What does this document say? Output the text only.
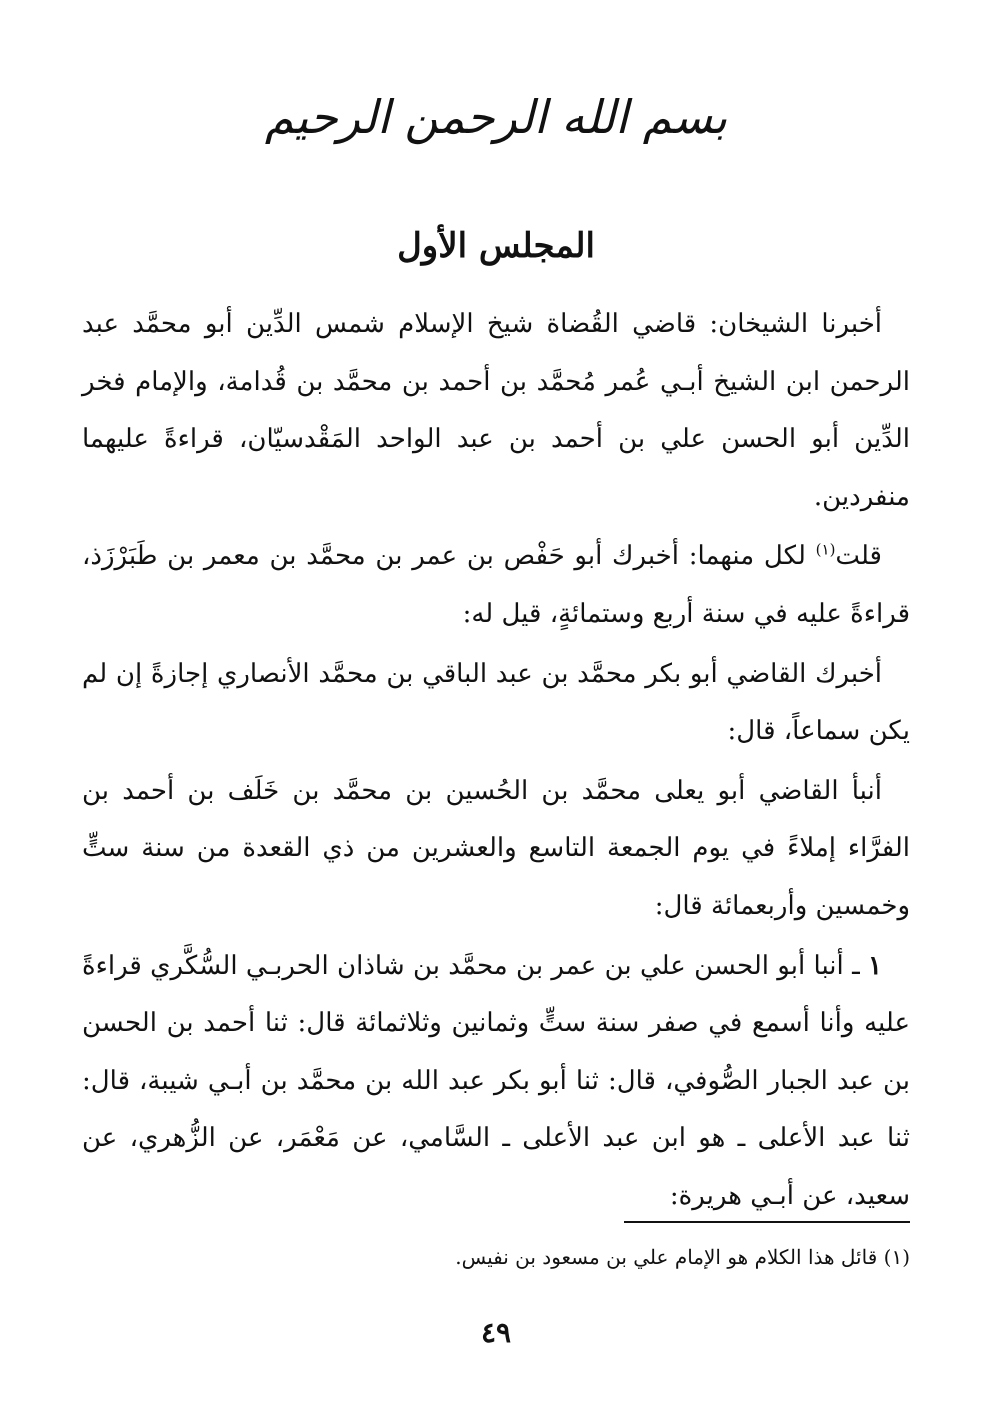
بسم الله الرحمن الرحيم
المجلس الأول

أخبرنا الشيخان: قاضي القُضاة شيخ الإسلام شمس الدِّين أبو محمَّد عبد الرحمن ابن الشيخ أبـي عُمر مُحمَّد بن أحمد بن محمَّد بن قُدامة، والإمام فخر الدِّين أبو الحسن علي بن أحمد بن عبد الواحد المَقْدسيّان، قراءةً عليهما منفردين.

قلت$^{(١)}$ لكل منهما: أخبرك أبو حَفْص بن عمر بن محمَّد بن معمر بن طَبَرْزَذ، قراءةً عليه في سنة أربع وستمائةٍ، قيل له:

أخبرك القاضي أبو بكر محمَّد بن عبد الباقي بن محمَّد الأنصاري إجازةً إن لم يكن سماعاً، قال:

أنبأ القاضي أبو يعلى محمَّد بن الحُسين بن محمَّد بن خَلَف بن أحمد بن الفرَّاء إملاءً في يوم الجمعة التاسع والعشرين من ذي القعدة من سنة ستٍّ وخمسين وأربعمائة قال:

١ ـ أنبا أبو الحسن علي بن عمر بن محمَّد بن شاذان الحربـي السُّكَّري قراءةً عليه وأنا أسمع في صفر سنة ستٍّ وثمانين وثلاثمائة قال: ثنا أحمد بن الحسن بن عبد الجبار الصُّوفي، قال: ثنا أبو بكر عبد الله بن محمَّد بن أبـي شيبة، قال: ثنا عبد الأعلى ـ هو ابن عبد الأعلى ـ السَّامي، عن مَعْمَر، عن الزُّهري، عن سعيد، عن أبـي هريرة:

(١) قائل هذا الكلام هو الإمام علي بن مسعود بن نفيس.
٤٩
